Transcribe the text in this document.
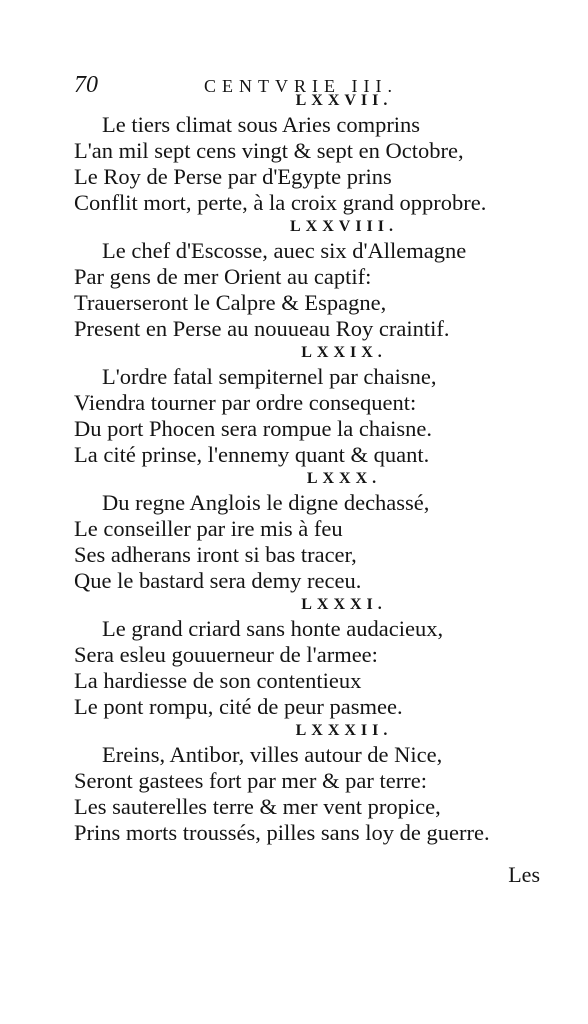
70	CENTVRIE III.
LXXVII.
Le tiers climat sous Aries comprins
L'an mil sept cens vingt & sept en Octobre,
Le Roy de Perse par d'Egypte prins
Conflit mort, perte, à la croix grand opprobre.
LXXVIII.
Le chef d'Escosse, auec six d'Allemagne
Par gens de mer Orient au captif:
Trauerseront le Calpre & Espagne,
Present en Perse au nouueau Roy craintif.
LXXIX.
L'ordre fatal sempiternel par chaisne,
Viendra tourner par ordre consequent:
Du port Phocen sera rompue la chaisne.
La cité prinse, l'ennemy quant & quant.
LXXX.
Du regne Anglois le digne dechassé,
Le conseiller par ire mis à feu
Ses adherans iront si bas tracer,
Que le bastard sera demy receu.
LXXXI.
Le grand criard sans honte audacieux,
Sera esleu gouuerneur de l'armee:
La hardiesse de son contentieux
Le pont rompu, cité de peur pasmee.
LXXXII.
Ereins, Antibor, villes autour de Nice,
Seront gastees fort par mer & par terre:
Les sauterelles terre & mer vent propice,
Prins morts troussés, pilles sans loy de guerre.
Les
